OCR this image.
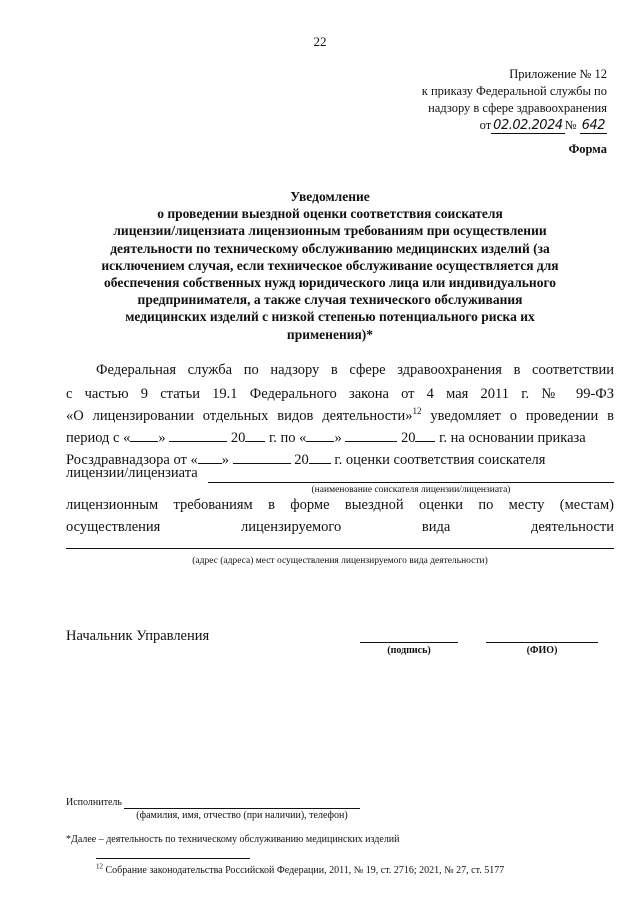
22
Приложение № 12
к приказу Федеральной службы по
надзору в сфере здравоохранения
от 02.02.2024 № 642
Форма
Уведомление
о проведении выездной оценки соответствия соискателя
лицензии/лицензиата лицензионным требованиям при осуществлении
деятельности по техническому обслуживанию медицинских изделий (за
исключением случая, если техническое обслуживание осуществляется для
обеспечения собственных нужд юридического лица или индивидуального
предпринимателя, а также случая технического обслуживания
медицинских изделий с низкой степенью потенциального риска их
применения)*
Федеральная служба по надзору в сфере здравоохранения в соответствии
с частью 9 статьи 19.1 Федерального закона от 4 мая 2011 г. № 99-ФЗ
«О лицензировании отдельных видов деятельности»$^{12}$ уведомляет о проведении в
период с « »	20 г. по « »	20 г. на основании приказа
Росздравнадзора от « »	20 г. оценки соответствия соискателя
лицензии/лицензиата
(наименование соискателя лицензии/лицензиата)
лицензионным требованиям в форме выездной оценки по месту (местам)
осуществления лицензируемого вида деятельности
(адрес (адреса) мест осуществления лицензируемого вида деятельности)
Начальник Управления
(подпись)	(ФИО)
Исполнитель
(фамилия, имя, отчество (при наличии), телефон)
*Далее – деятельность по техническому обслуживанию медицинских изделий
$^{12}$ Собрание законодательства Российской Федерации, 2011, № 19, ст. 2716; 2021, № 27, ст. 5177
